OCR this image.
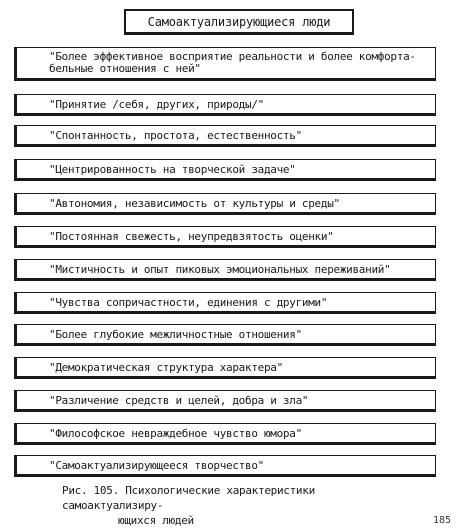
Самоактуализирующиеся люди
"Более эффективное восприятие реальности и более комфорта-
бельные отношения с ней"
"Принятие /себя, других, природы/"
"Спонтанность, простота, естественность"
"Центрированность на творческой задаче"
"Автономия, независимость от культуры и среды"
"Постоянная свежесть, неупредвзятость оценки"
"Мистичность и опыт пиковых эмоциональных переживаний"
"Чувства сопричастности, единения с другими"
"Более глубокие межличностные отношения"
"Демократическая структура характера"
"Различение средств и целей, добра и зла"
"Философское невраждебное чувство юмора"
"Самоактуализирующееся творчество"
Рис. 105. Психологические характеристики самоактуализиру-
ющихся людей	185
